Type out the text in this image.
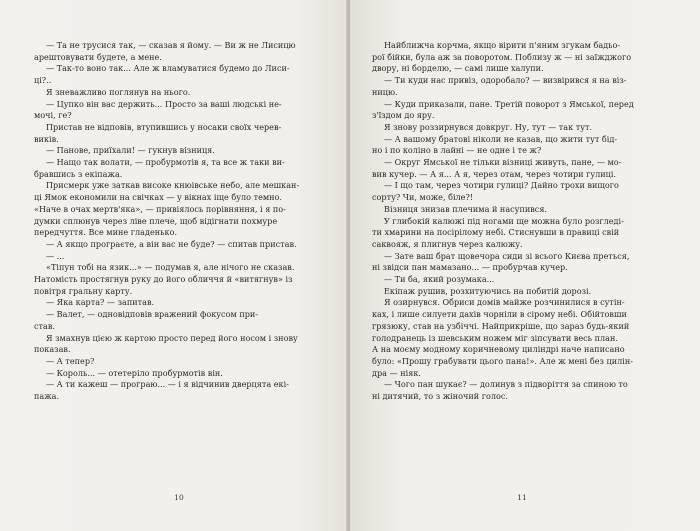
— Та не трусися так, — сказав я йому. — Ви ж не Лисицю

арештовувати будете, а мене.

— Так-то воно так... Але ж вламуватися будемо до Лиси-

ці?..

Я зневажливо поглянув на нього.

— Цупко він вас держить... Просто за ваші людські не-

мочі, ге?

Пристав не відповів, втупившись у носаки своїх черев-

виків.

— Панове, приїхали! — гукнув візниця.

— Нащо так волати, — пробурмотів я, та все ж таки ви-

бравшись з екіпажа.

Присмерк уже заткав високе кнюівське небо, але мешкан-

ці Ямок економили на свічках — у вікнах іще було темно.

«Наче в очах мертв'яка», — привіялось порівняння, і я по-

думки сплюнув через ліве плече, щоб відігнати похмуре

передчуття. Все мине гладенько.

— А якщо програєте, а він вас не буде? — спитав пристав.

— ...

«Тіпун тобі на язик...» — подумав я, але нічого не сказав.

Натомість простягнув руку до його обличчя й «витягнув» із

повітря гральну карту.

— Яка карта? — запитав.

— Валет, — одновідповів вражений фокусом при-

став.

Я змахнув цією ж картою просто перед його носом і знову

показав.

— А тепер?

— Король... — отетеріло пробурмотів він.

— А ти кажеш — програю... — і я відчинив дверцята екі-

пажа.

10

Найближча корчма, якщо вірити п'яним згукам бадьо-

рої бійки, була аж за поворотом. Поблизу ж — ні заїжджого

двору, ні борделю, — самі лише халупи.

— Ти куди нас привіз, одоробало? — визвірився я на віз-

ницю.

— Куди приказали, пане. Третій поворот з Ямської, перед

з'їздом до яру.

Я знову роззирнувся довкруг. Ну, тут — так тут.

— А вашому братові ніколи не казав, що жити тут бід-

но і по коліно в лайні — не одне і те ж?

— Округ Ямської не тільки візниці живуть, пане, — мо-

вив кучер. — А я... А я, через отам, через чотири гулиці.

— І що там, через чотири гулиці? Дайно трохи вищого

сорту? Чи, може, біле?!

Візниця знизав плечима й насупився.

У глибокій калюжі під ногами ще можна було розгледі-

ти хмарини на посірілому небі. Стиснувши в правиці свій

саквояж, я плигнув через калюжу.

— Зате ваш брат щовечора сиди зі всього Києва преться,

ні звідси пан мамазано... — пробурчав кучер.

— Ти ба, який розумака...

Екіпаж рушив, розхитуючись на побитій дорозі.

Я озирнувся. Обриси домів майже розчинилися в сутін-

ках, і лише силуети дахів чорніли в сірому небі. Обійтовши

грязюку, став на узбіччі. Найприкріше, що зараз будь-який

голодранець із шевським ножем міг зіпсувати весь план.

А на моєму модному коричневому циліндрі наче написано

було: «Прошу грабувати цього пана!». Але ж мені без цилін-

дра — ніяк.

— Чого пан шукає? — долинув з підворіття за спиною то

ні дитячий, то з жіночий голос.

11
